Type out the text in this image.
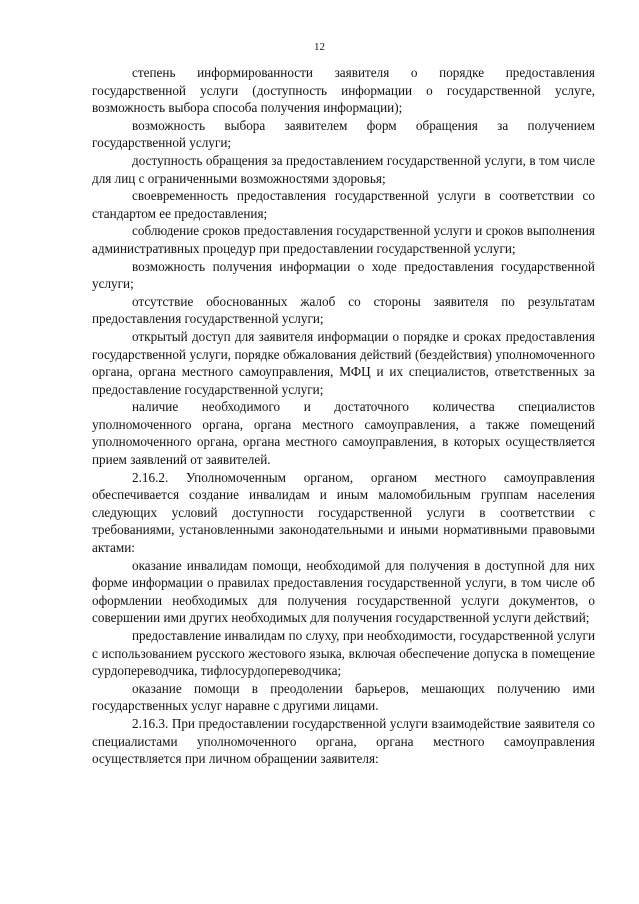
12

степень информированности заявителя о порядке предоставления государственной услуги (доступность информации о государственной услуге, возможность выбора способа получения информации);

возможность выбора заявителем форм обращения за получением государственной услуги;

доступность обращения за предоставлением государственной услуги, в том числе для лиц с ограниченными возможностями здоровья;

своевременность предоставления государственной услуги в соответствии со стандартом ее предоставления;

соблюдение сроков предоставления государственной услуги и сроков выполнения административных процедур при предоставлении государственной услуги;

возможность получения информации о ходе предоставления государственной услуги;

отсутствие обоснованных жалоб со стороны заявителя по результатам предоставления государственной услуги;

открытый доступ для заявителя информации о порядке и сроках предоставления государственной услуги, порядке обжалования действий (бездействия) уполномоченного органа, органа местного самоуправления, МФЦ и их специалистов, ответственных за предоставление государственной услуги;

наличие необходимого и достаточного количества специалистов уполномоченного органа, органа местного самоуправления, а также помещений уполномоченного органа, органа местного самоуправления, в которых осуществляется прием заявлений от заявителей.

2.16.2. Уполномоченным органом, органом местного самоуправления обеспечивается создание инвалидам и иным маломобильным группам населения следующих условий доступности государственной услуги в соответствии с требованиями, установленными законодательными и иными нормативными правовыми актами:

оказание инвалидам помощи, необходимой для получения в доступной для них форме информации о правилах предоставления государственной услуги, в том числе об оформлении необходимых для получения государственной услуги документов, о совершении ими других необходимых для получения государственной услуги действий;

предоставление инвалидам по слуху, при необходимости, государственной услуги с использованием русского жестового языка, включая обеспечение допуска в помещение сурдопереводчика, тифлосурдопереводчика;

оказание помощи в преодолении барьеров, мешающих получению ими государственных услуг наравне с другими лицами.

2.16.3. При предоставлении государственной услуги взаимодействие заявителя со специалистами уполномоченного органа, органа местного самоуправления осуществляется при личном обращении заявителя:
